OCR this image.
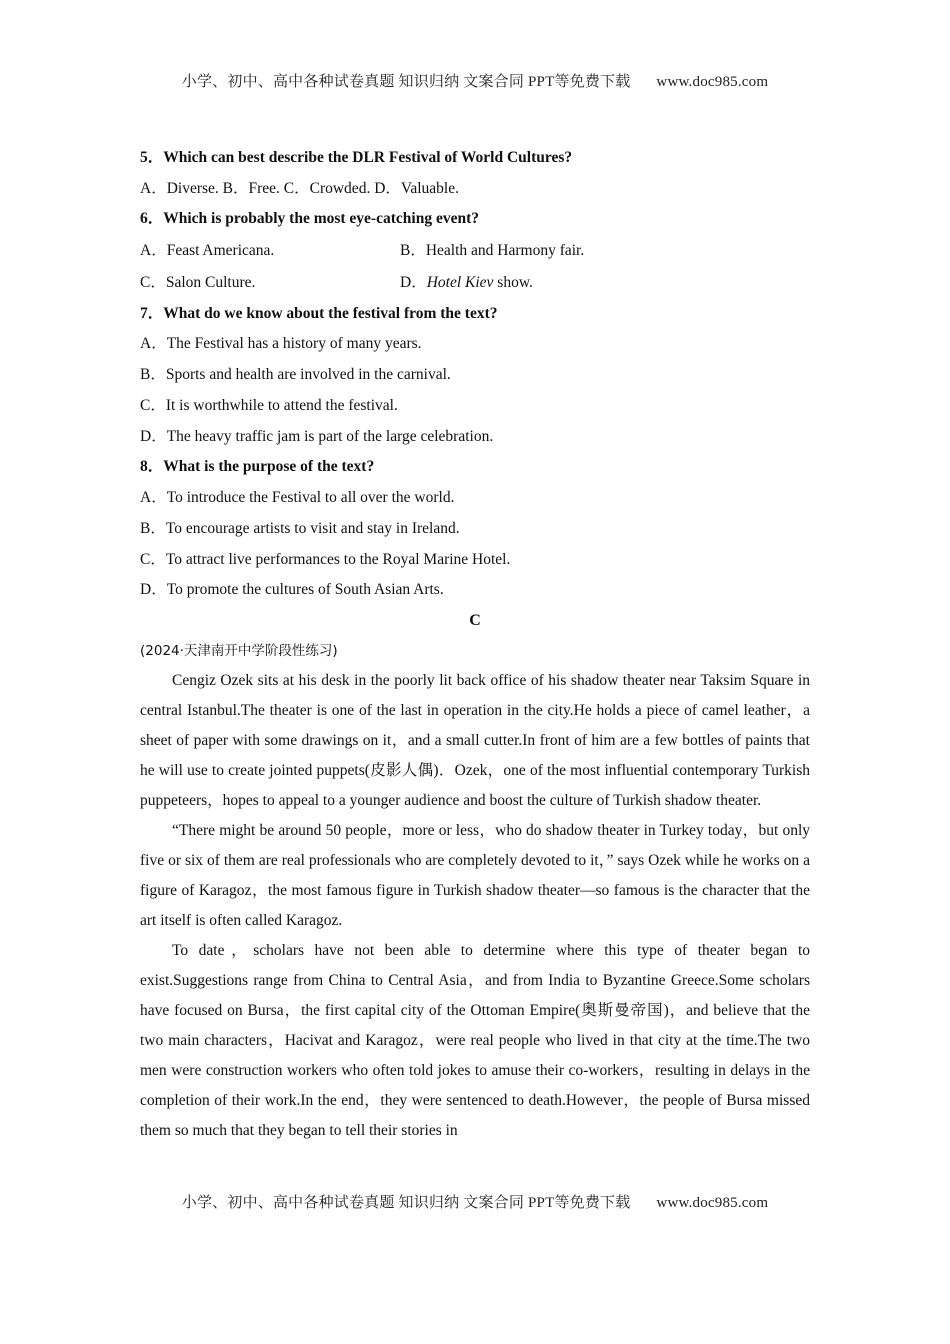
小学、初中、高中各种试卷真题 知识归纳 文案合同 PPT等免费下载 www.doc985.com
5．Which can best describe the DLR Festival of World Cultures?
A．Diverse. B．Free. C．Crowded. D．Valuable.
6．Which is probably the most eye-catching event?
A．Feast Americana.	B．Health and Harmony fair.
C．Salon Culture.	D．Hotel Kiev show.
7．What do we know about the festival from the text?
A．The Festival has a history of many years.
B．Sports and health are involved in the carnival.
C．It is worthwhile to attend the festival.
D．The heavy traffic jam is part of the large celebration.
8．What is the purpose of the text?
A．To introduce the Festival to all over the world.
B．To encourage artists to visit and stay in Ireland.
C．To attract live performances to the Royal Marine Hotel.
D．To promote the cultures of South Asian Arts.
C
(2024·天津南开中学阶段性练习)

Cengiz Ozek sits at his desk in the poorly lit back office of his shadow theater near Taksim Square in central Istanbul.The theater is one of the last in operation in the city.He holds a piece of camel leather，a sheet of paper with some drawings on it，and a small cutter.In front of him are a few bottles of paints that he will use to create jointed puppets(皮影人偶)．Ozek，one of the most influential contemporary Turkish puppeteers，hopes to appeal to a younger audience and boost the culture of Turkish shadow theater.

“There might be around 50 people，more or less，who do shadow theater in Turkey today，but only five or six of them are real professionals who are completely devoted to it，” says Ozek while he works on a figure of Karagoz，the most famous figure in Turkish shadow theater—so famous is the character that the art itself is often called Karagoz.

To date，scholars have not been able to determine where this type of theater began to exist.Suggestions range from China to Central Asia，and from India to Byzantine Greece.Some scholars have focused on Bursa，the first capital city of the Ottoman Empire(奥斯曼帝国)，and believe that the two main characters，Hacivat and Karagoz，were real people who lived in that city at the time.The two men were construction workers who often told jokes to amuse their co-workers，resulting in delays in the completion of their work.In the end，they were sentenced to death.However，the people of Bursa missed them so much that they began to tell their stories in

小学、初中、高中各种试卷真题 知识归纳 文案合同 PPT等免费下载 www.doc985.com
